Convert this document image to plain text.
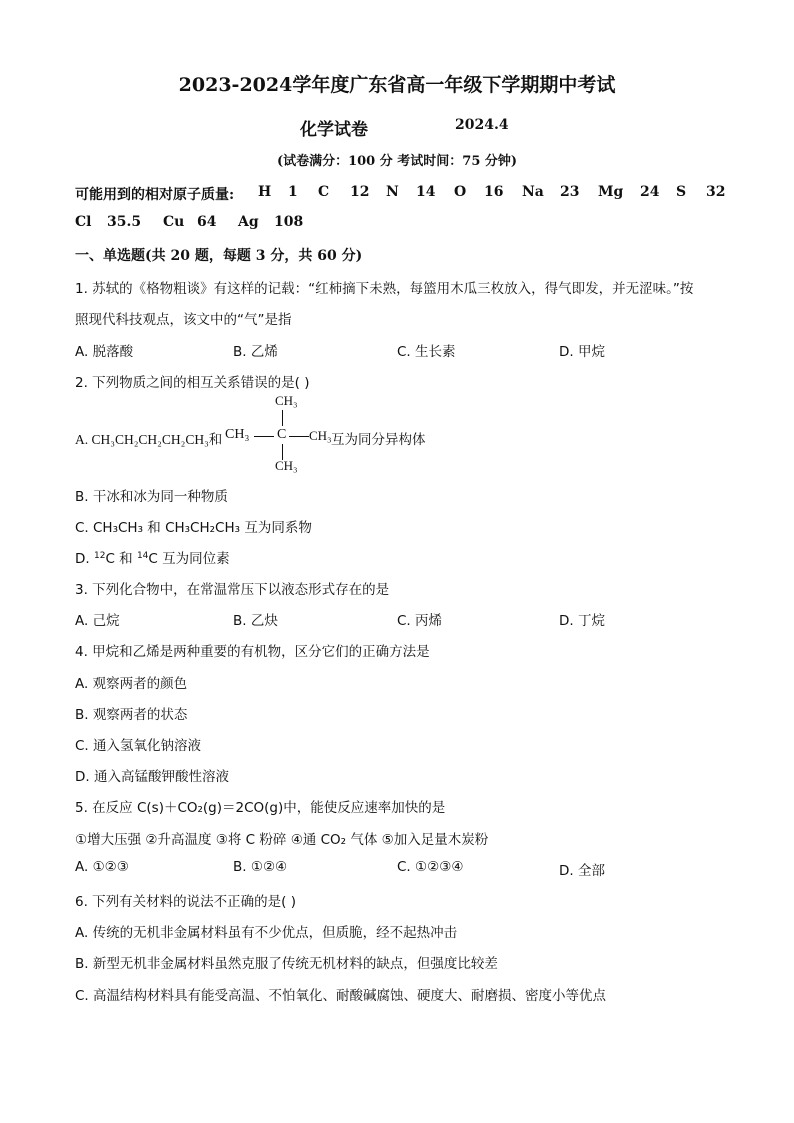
2023-2024学年度广东省高一年级下学期期中考试
化学试卷	2024.4
(试卷满分：100 分 考试时间：75 分钟)
可能用到的相对原子质量:	H 1 C 12 N 14 O 16 Na 23 Mg 24 S 32
Cl 35.5 Cu 64 Ag 108
一、单选题(共 20 题，每题 3 分，共 60 分)
1. 苏轼的《格物粗谈》有这样的记载：“红柿摘下未熟，每篮用木瓜三枚放入，得气即发，并无涩味。”按
照现代科技观点，该文中的“气”是指
A. 脱落酸	B. 乙烯	C. 生长素	D. 甲烷
2. 下列物质之间的相互关系错误的是( )
A. CH₃CH₂CH₂CH₂CH₃和
CH₃
CH₃ C CH₃
CH₃
互为同分异构体
B. 干冰和冰为同一种物质
C. CH₃CH₃ 和 CH₃CH₂CH₃ 互为同系物
D. $^{12}$C 和 $^{14}$C 互为同位素
3. 下列化合物中，在常温常压下以液态形式存在的是
A. 己烷	B. 乙炔	C. 丙烯	D. 丁烷
4. 甲烷和乙烯是两种重要的有机物，区分它们的正确方法是
A. 观察两者的颜色
B. 观察两者的状态
C. 通入氢氧化钠溶液
D. 通入高锰酸钾酸性溶液
5. 在反应 C(s)＋CO₂(g)＝2CO(g)中，能使反应速率加快的是
①增大压强 ②升高温度 ③将 C 粉碎 ④通 CO₂ 气体 ⑤加入足量木炭粉
A. ①②③	B. ①②④	C. ①②③④	D. 全部
6. 下列有关材料的说法不正确的是( )
A. 传统的无机非金属材料虽有不少优点，但质脆，经不起热冲击
B. 新型无机非金属材料虽然克服了传统无机材料的缺点，但强度比较差
C. 高温结构材料具有能受高温、不怕氧化、耐酸碱腐蚀、硬度大、耐磨损、密度小等优点
